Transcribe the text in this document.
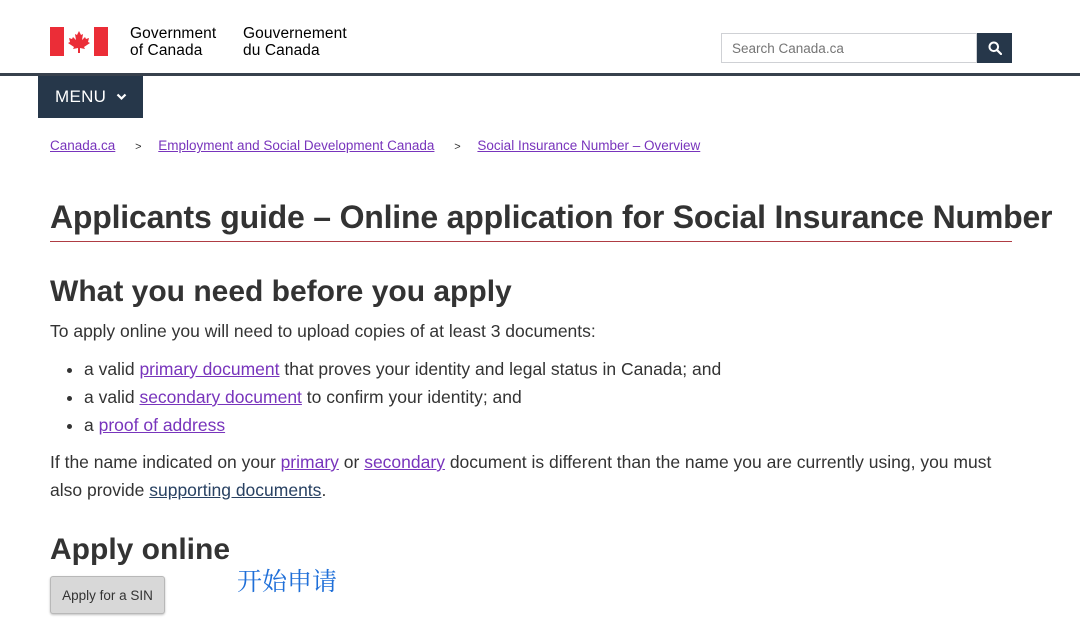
Government
of Canada
Gouvernement
du Canada
Search Canada.ca
MENU
Canada.ca > Employment and Social Development Canada > Social Insurance Number – Overview
Applicants guide – Online application for Social Insurance Number
What you need before you apply
To apply online you will need to upload copies of at least 3 documents:
• a valid primary document that proves your identity and legal status in Canada; and
• a valid secondary document to confirm your identity; and
• a proof of address
If the name indicated on your primary or secondary document is different than the name you are currently using, you must also provide supporting documents.
Apply online
Apply for a SIN	开始申请
